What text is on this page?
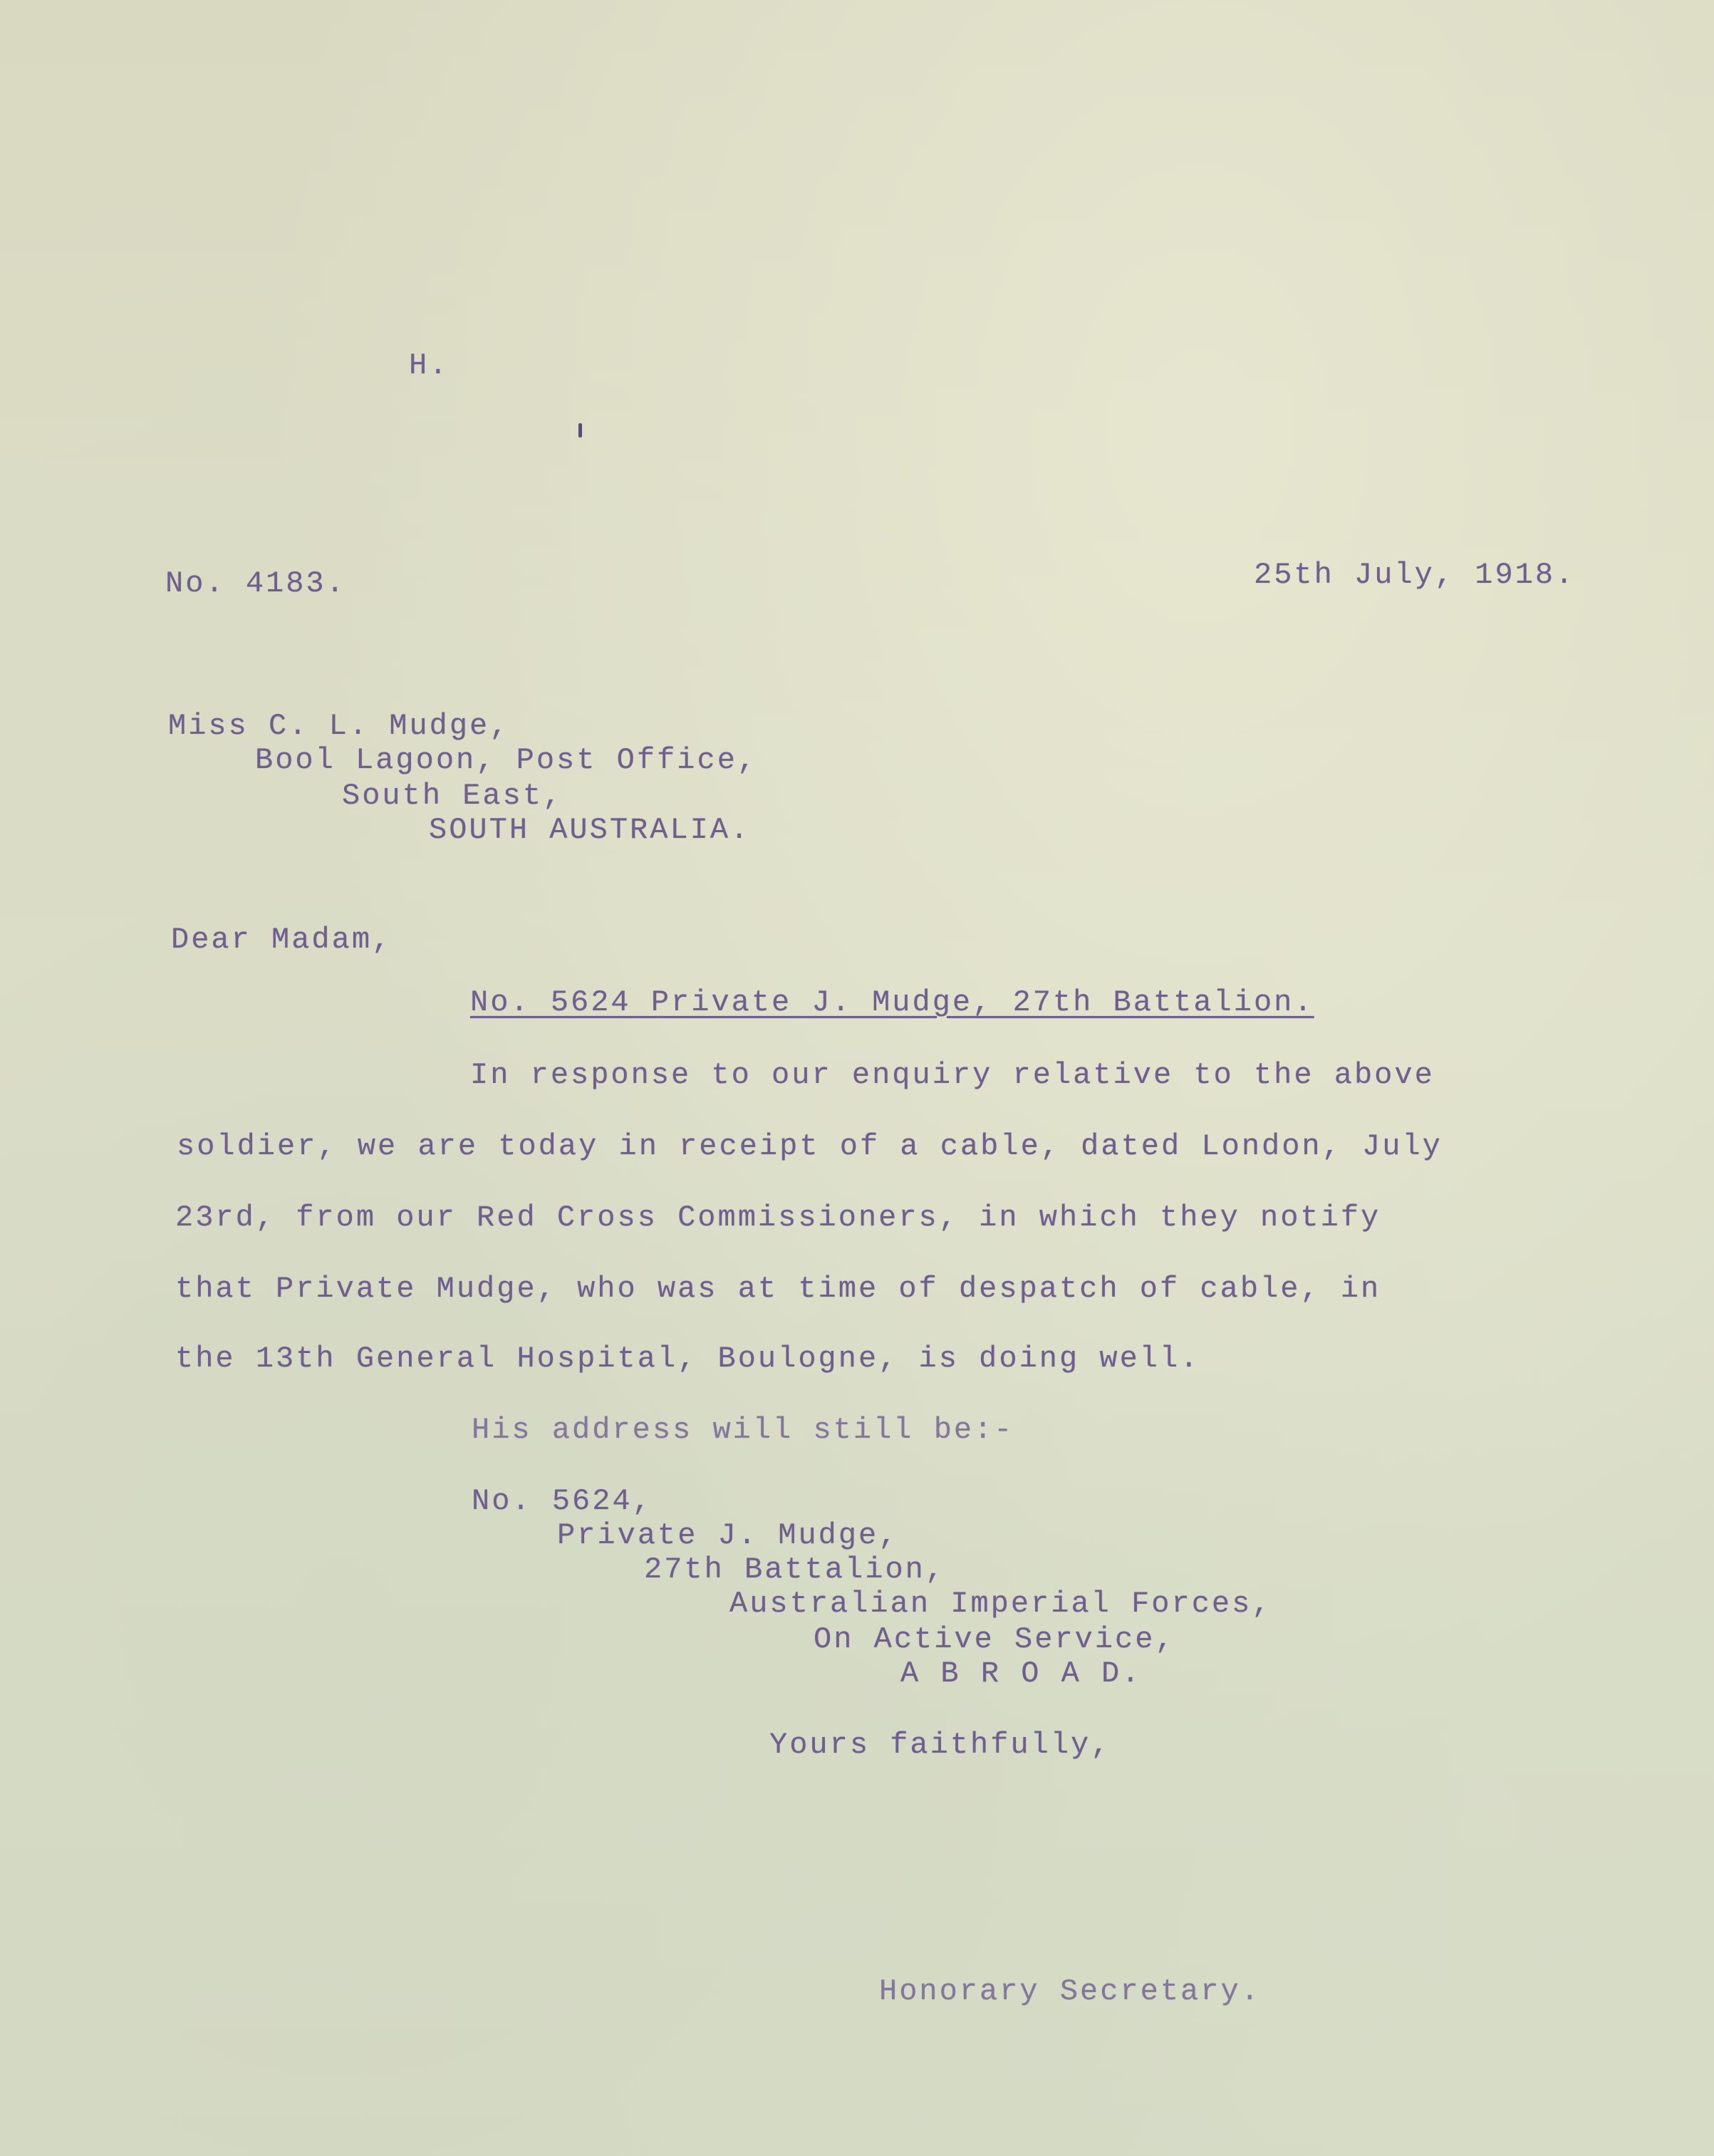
H.
No. 4183.	25th July, 1918.
Miss C. L. Mudge,
Bool Lagoon, Post Office,
South East,
SOUTH AUSTRALIA.
Dear Madam,
No. 5624 Private J. Mudge, 27th Battalion.
In response to our enquiry relative to the above
soldier, we are today in receipt of a cable, dated London, July
23rd, from our Red Cross Commissioners, in which they notify
that Private Mudge, who was at time of despatch of cable, in
the 13th General Hospital, Boulogne, is doing well.
His address will still be:-
No. 5624,
Private J. Mudge,
27th Battalion,
Australian Imperial Forces,
On Active Service,
A B R O A D.
Yours faithfully,
Honorary Secretary.
